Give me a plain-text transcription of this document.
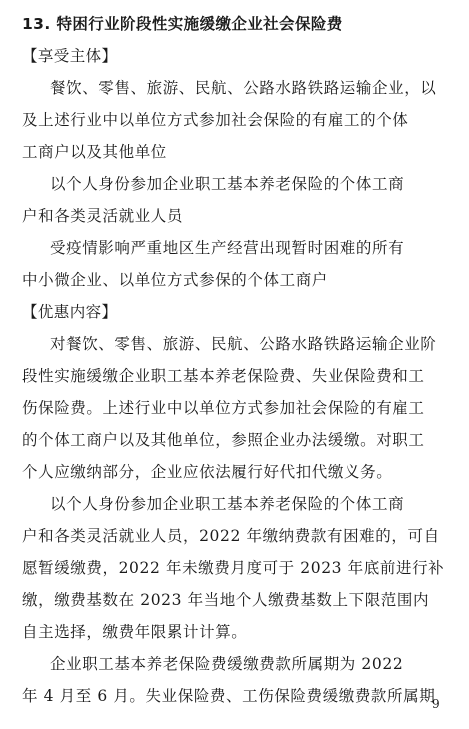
13. 特困行业阶段性实施缓缴企业社会保险费
【享受主体】
餐饮、零售、旅游、民航、公路水路铁路运输企业，以
及上述行业中以单位方式参加社会保险的有雇工的个体
工商户以及其他单位
以个人身份参加企业职工基本养老保险的个体工商
户和各类灵活就业人员
受疫情影响严重地区生产经营出现暂时困难的所有
中小微企业、以单位方式参保的个体工商户
【优惠内容】
对餐饮、零售、旅游、民航、公路水路铁路运输企业阶
段性实施缓缴企业职工基本养老保险费、失业保险费和工
伤保险费。上述行业中以单位方式参加社会保险的有雇工
的个体工商户以及其他单位，参照企业办法缓缴。对职工
个人应缴纳部分，企业应依法履行好代扣代缴义务。
以个人身份参加企业职工基本养老保险的个体工商
户和各类灵活就业人员，2022 年缴纳费款有困难的，可自
愿暂缓缴费，2022 年未缴费月度可于 2023 年底前进行补
缴，缴费基数在 2023 年当地个人缴费基数上下限范围内
自主选择，缴费年限累计计算。
企业职工基本养老保险费缓缴费款所属期为 2022
年 4 月至 6 月。失业保险费、工伤保险费缓缴费款所属期
9
